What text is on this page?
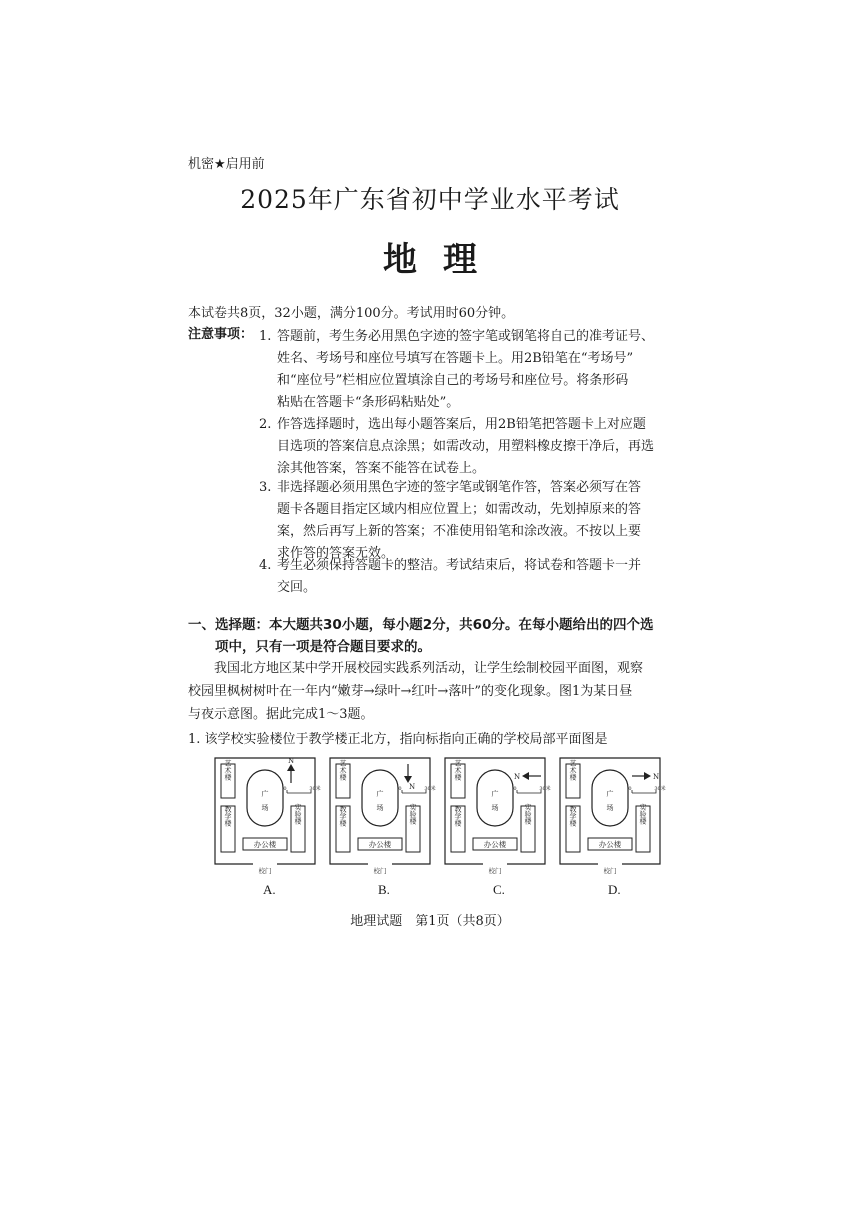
机密★启用前
2025年广东省初中学业水平考试
地理
本试卷共8页，32小题，满分100分。考试用时60分钟。
注意事项： 1. 答题前，考生务必用黑色字迹的签字笔或钢笔将自己的准考证号、
姓名、考场号和座位号填写在答题卡上。用2B铅笔在“考场号”
和“座位号”栏相应位置填涂自己的考场号和座位号。将条形码
粘贴在答题卡“条形码粘贴处”。
2. 作答选择题时，选出每小题答案后，用2B铅笔把答题卡上对应题
目选项的答案信息点涂黑；如需改动，用塑料橡皮擦干净后，再选
涂其他答案，答案不能答在试卷上。
3. 非选择题必须用黑色字迹的签字笔或钢笔作答，答案必须写在答
题卡各题目指定区域内相应位置上；如需改动，先划掉原来的答
案，然后再写上新的答案；不准使用铅笔和涂改液。不按以上要
求作答的答案无效。
4. 考生必须保持答题卡的整洁。考试结束后，将试卷和答题卡一并
交回。
一、选择题：本大题共30小题，每小题2分，共60分。在每小题给出的四个选
项中，只有一项是符合题目要求的。
我国北方地区某中学开展校园实践系列活动，让学生绘制校园平面图，观察
校园里枫树树叶在一年内“嫩芽→绿叶→红叶→落叶”的变化现象。图1为某日昼
与夜示意图。据此完成1～3题。
1. 该学校实验楼位于教学楼正北方，指向标指向正确的学校局部平面图是
艺术楼
广
场
教学楼	实验楼
办公楼
校门
0	30米
N
A.
艺术楼
广
场
教学楼	实验楼
办公楼
校门
0	30米
N
B.
艺术楼
广
场
教学楼	实验楼
办公楼
校门
0	30米
N
C.
艺术楼
广
场
教学楼	实验楼
办公楼
校门
0	30米
N
D.
地理试题　第1页（共8页）
